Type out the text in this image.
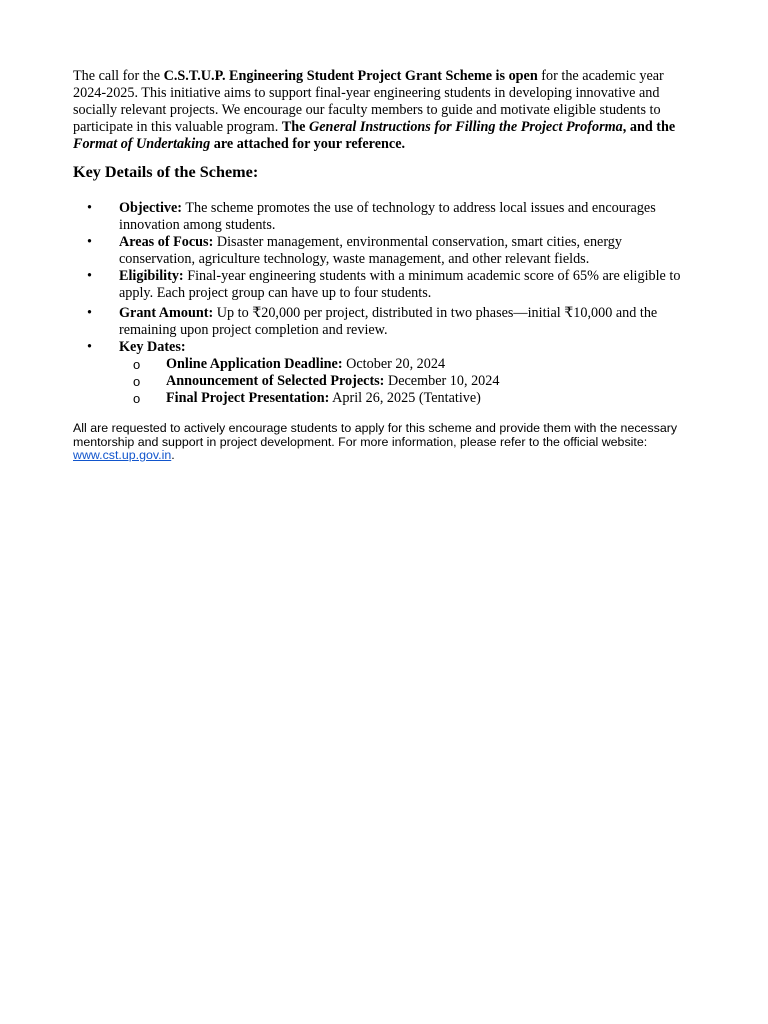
The call for the C.S.T.U.P. Engineering Student Project Grant Scheme is open for the academic year 2024-2025. This initiative aims to support final-year engineering students in developing innovative and socially relevant projects. We encourage our faculty members to guide and motivate eligible students to participate in this valuable program. The General Instructions for Filling the Project Proforma, and the Format of Undertaking are attached for your reference.

Key Details of the Scheme:
• Objective: The scheme promotes the use of technology to address local issues and encourages innovation among students.
• Areas of Focus: Disaster management, environmental conservation, smart cities, energy conservation, agriculture technology, waste management, and other relevant fields.
• Eligibility: Final-year engineering students with a minimum academic score of 65% are eligible to apply. Each project group can have up to four students.
• Grant Amount: Up to ₹20,000 per project, distributed in two phases—initial ₹10,000 and the remaining upon project completion and review.
• Key Dates:
o Online Application Deadline: October 20, 2024
o Announcement of Selected Projects: December 10, 2024
o Final Project Presentation: April 26, 2025 (Tentative)

All are requested to actively encourage students to apply for this scheme and provide them with the necessary mentorship and support in project development. For more information, please refer to the official website: www.cst.up.gov.in.
